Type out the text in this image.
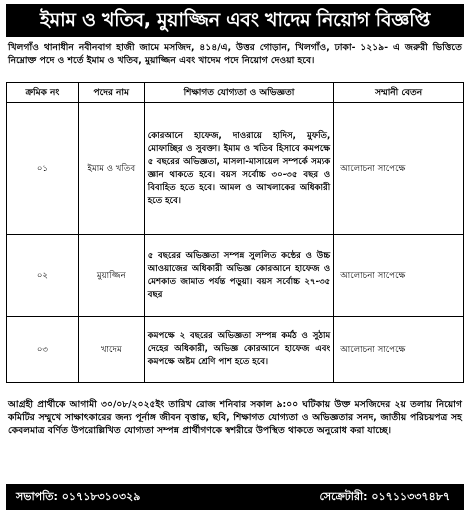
ইমাম ও খতিব, মুয়াজ্জিন এবং খাদেম নিয়োগ বিজ্ঞপ্তি
খিলগাঁও থানাধীন নবীনবাগ হাজী জামে মসজিদ, ৪১৪/এ, উত্তর গোড়ান, খিলগাঁও, ঢাকা- ১২১৯- এ জরুরী ভিত্তিতে নিম্নোক্ত পদে ও শর্তে ইমাম ও খতিব, মুয়াজ্জিন এবং খাদেম পদে নিয়োগ দেওয়া হবে।
ক্রমিক নং	পদের নাম	শিক্ষাগত যোগ্যতা ও অভিজ্ঞতা	সম্মানী বেতন
০১	ইমাম ও খতিব	কোরআনে হাফেজ, দাওরায়ে হাদিস, মুফতি, মোফাচ্ছির ও সুবক্তা। ইমাম ও খতিব হিসাবে কমপক্ষে ৫ বছরের অভিজ্ঞতা, মাসলা-মাসায়েল সম্পর্কে সম্যক জ্ঞান থাকতে হবে। বয়স সর্বোচ্চ ৩০-৩৫ বছর ও বিবাহিত হতে হবে। আমল ও আখলাকের অধিকারী হতে হবে।	আলোচনা সাপেক্ষে
০২	মুয়াজ্জিন	৫ বছরের অভিজ্ঞতা সম্পন্ন সুললিত কন্ঠের ও উচ্চ আওয়াজের অধিকারী অভিজ্ঞ কোরআনে হাফেজ ও মেশকাত জামাত পর্যন্ত পড়ুয়া। বয়স সর্বোচ্চ ২৭-৩৫ বছর	আলোচনা সাপেক্ষে
০৩	খাদেম	কমপক্ষে ২ বছরের অভিজ্ঞতা সম্পন্ন কর্মঠ ও সুঠাম দেহের অধিকারী, অভিজ্ঞ কোরআনে হাফেজ এবং কমপক্ষে অষ্টম শ্রেণি পাশ হতে হবে।	আলোচনা সাপেক্ষে
আগ্রহী প্রার্থীকে আগামী ৩০/০৮/২০২৫ইং তারিখ রোজ শনিবার সকাল ৯:০০ ঘটিকায় উক্ত মসজিদের ২য় তলায় নিয়োগ কমিটির সম্মুখে সাক্ষাৎকারের জন্য পূর্নাঙ্গ জীবন বৃত্তান্ত, ছবি, শিক্ষাগত যোগ্যতা ও অভিজ্ঞতার সনদ, জাতীয় পরিচয়পত্র সহ কেবলমাত্র বর্ণিত উপরোল্লিখিত যোগ্যতা সম্পন্ন প্রার্থীগণকে স্বশরীরে উপস্থিত থাকতে অনুরোধ করা যাচ্ছে।
সভাপতি: ০১৭১৮৩১০৩২৯	সেক্রেটারী: ০১৭১১৩৩৭৪৮৭
